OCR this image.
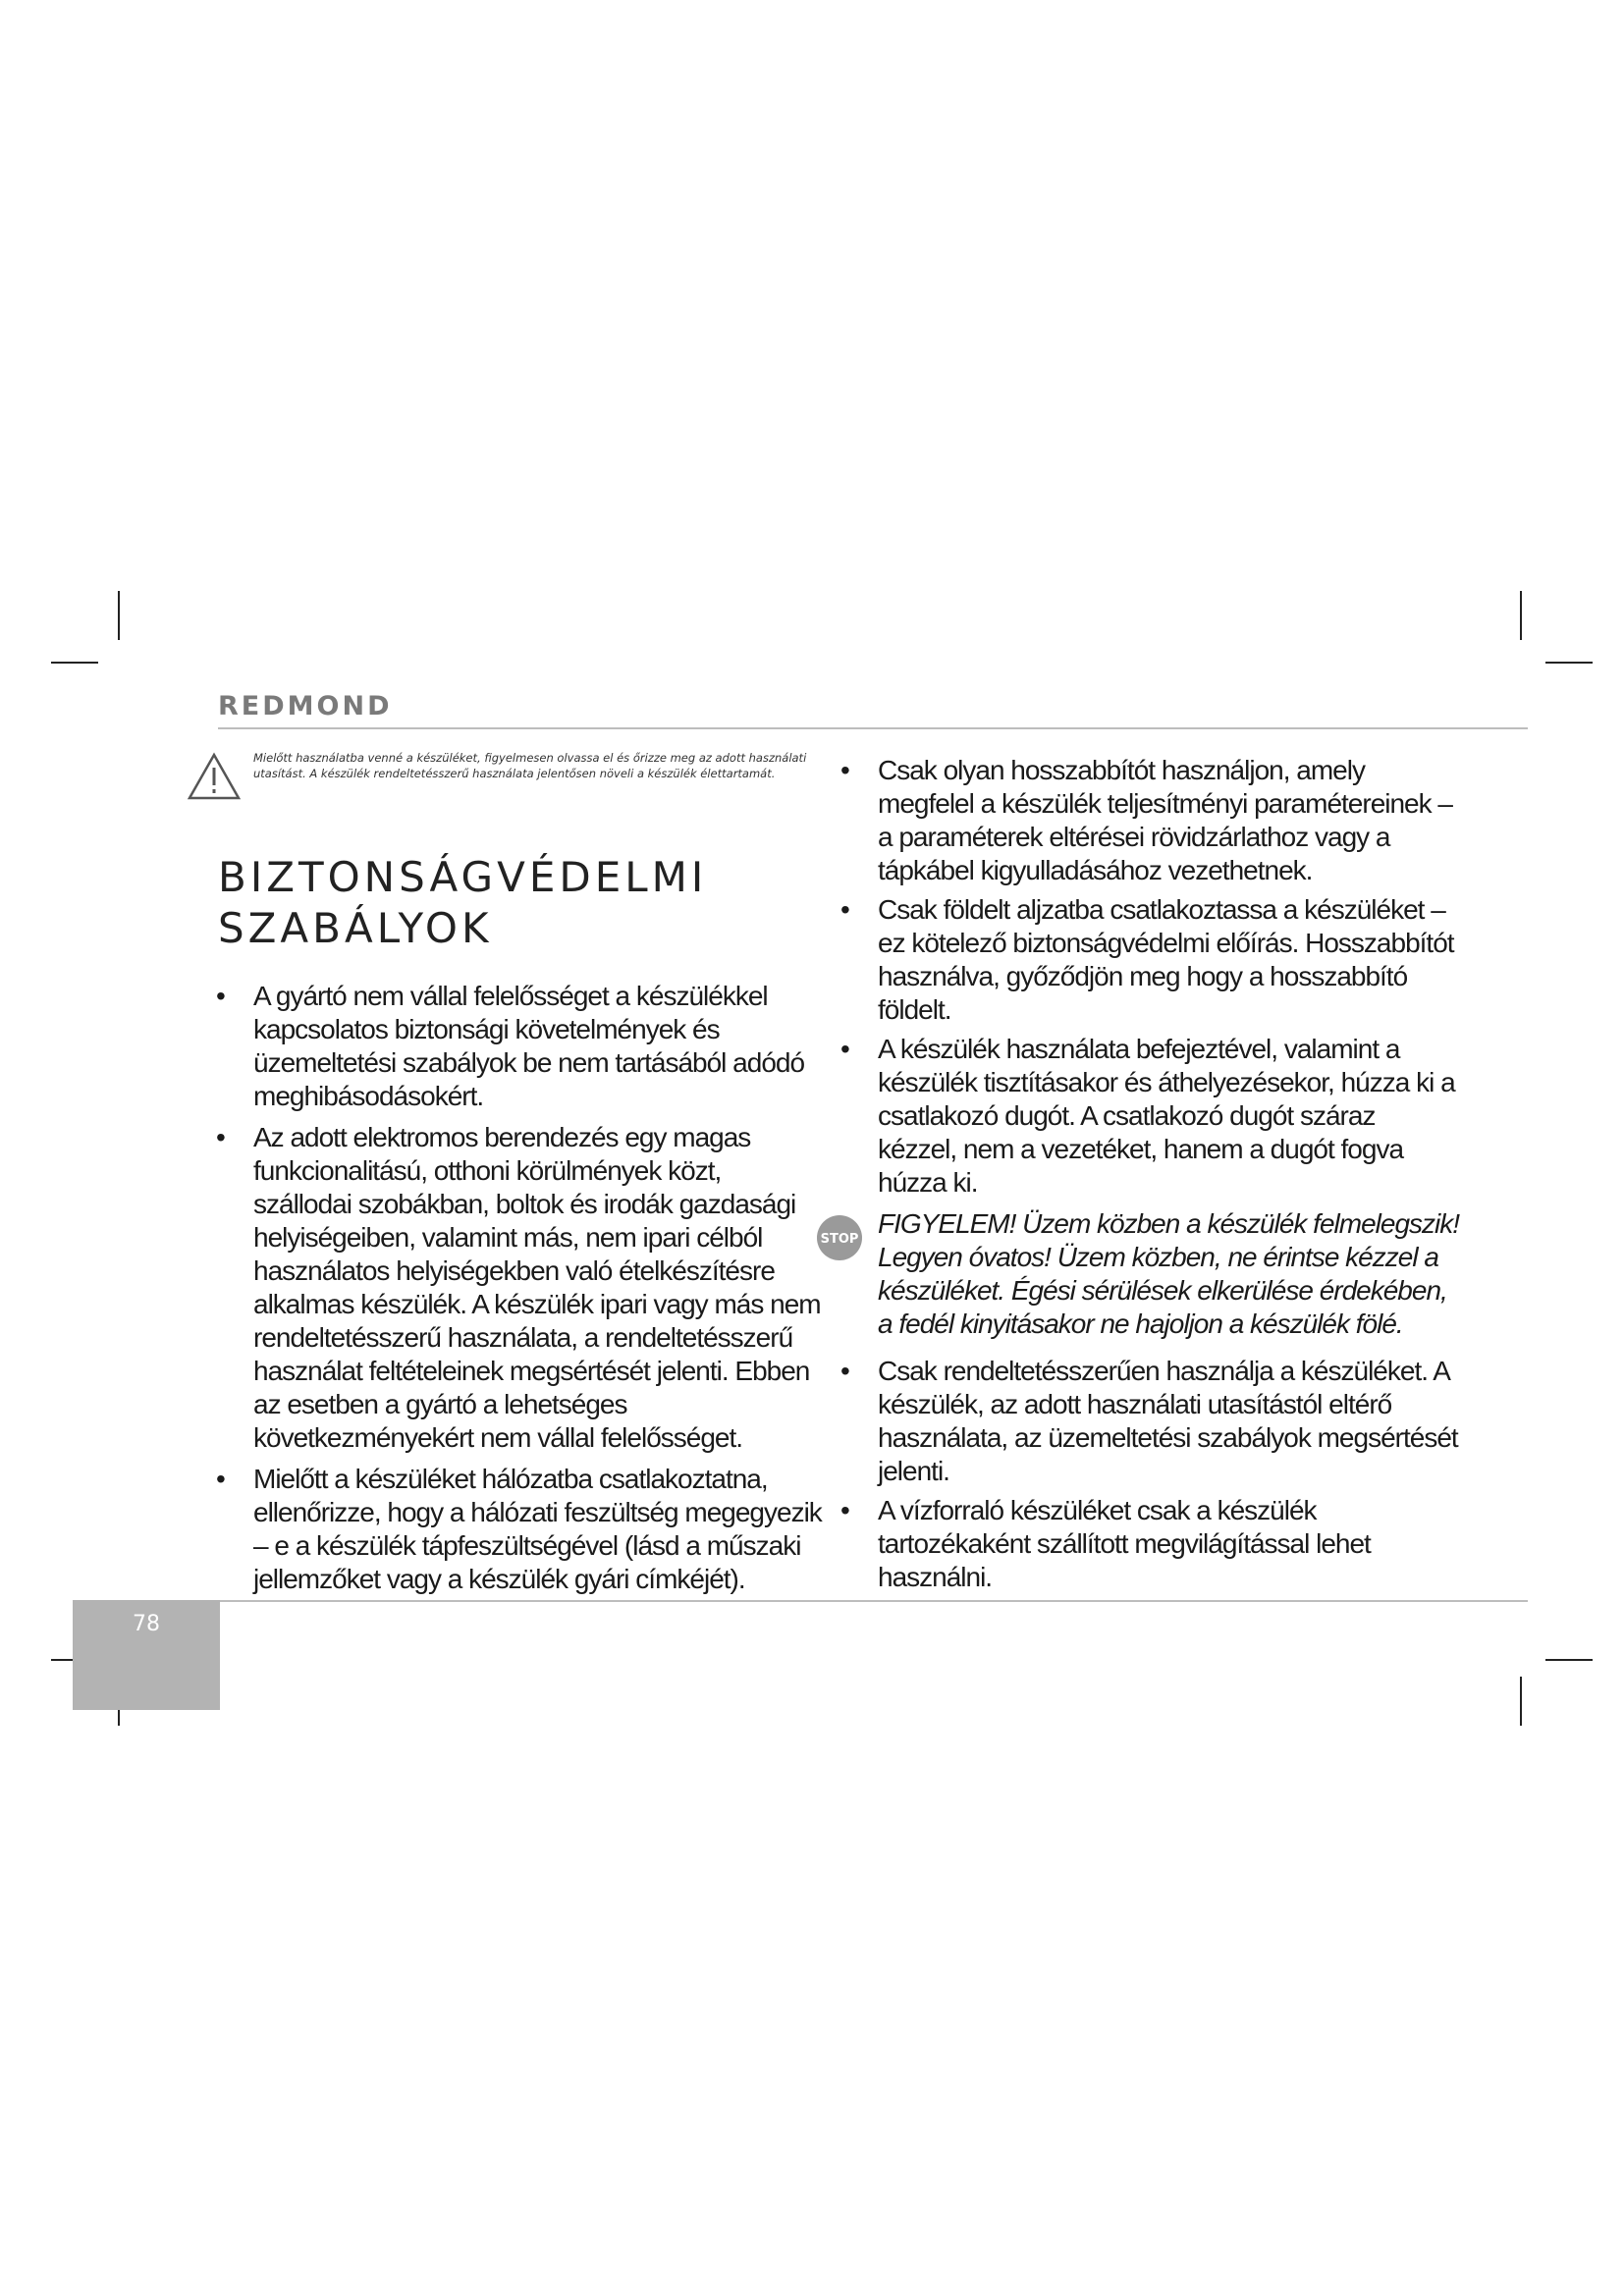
REDMOND
Mielőtt használatba venné a készüléket, figyelmesen olvassa el és őrizze meg az adott használati utasítást. A készülék rendeltetésszerű használata jelentősen növeli a készülék élettartamát.
BIZTONSÁGVÉDELMI
SZABÁLYOK
• A gyártó nem vállal felelősséget a készülékkel kapcsolatos biztonsági követelmények és üzemeltetési szabályok be nem tartásából adódó meghibásodásokért.
• Az adott elektromos berendezés egy magas funkcionalitású, otthoni körülmények közt, szállodai szobákban, boltok és irodák gazdasági helyiségeiben, valamint más, nem ipari célból használatos helyiségekben való ételkészítésre alkalmas készülék. A készülék ipari vagy más nem rendeltetésszerű használata, a rendeltetésszerű használat feltételeinek megsértését jelenti. Ebben az esetben a gyártó a lehetséges következményekért nem vállal felelősséget.
• Mielőtt a készüléket hálózatba csatlakoztatna, ellenőrizze, hogy a hálózati feszültség megegyezik – e a készülék tápfeszültségével (lásd a műszaki jellemzőket vagy a készülék gyári címkéjét).
• Csak olyan hosszabbítót használjon, amely megfelel a készülék teljesítményi paramétereinek – a paraméterek eltérései rövidzárlathoz vagy a tápkábel kigyulladásához vezethetnek.
• Csak földelt aljzatba csatlakoztassa a készüléket – ez kötelező biztonságvédelmi előírás. Hosszabbítót használva, győződjön meg hogy a hosszabbító földelt.
• A készülék használata befejeztével, valamint a készülék tisztításakor és áthelyezésekor, húzza ki a csatlakozó dugót. A csatlakozó dugót száraz kézzel, nem a vezetéket, hanem a dugót fogva húzza ki.
STOP
FIGYELEM! Üzem közben a készülék felmelegszik! Legyen óvatos! Üzem közben, ne érintse kézzel a készüléket. Égési sérülések elkerülése érdekében, a fedél kinyitásakor ne hajoljon a készülék fölé.
• Csak rendeltetésszerűen használja a készüléket. A készülék, az adott használati utasítástól eltérő használata, az üzemeltetési szabályok megsértését jelenti.
• A vízforraló készüléket csak a készülék tartozékaként szállított megvilágítással lehet használni.
78
